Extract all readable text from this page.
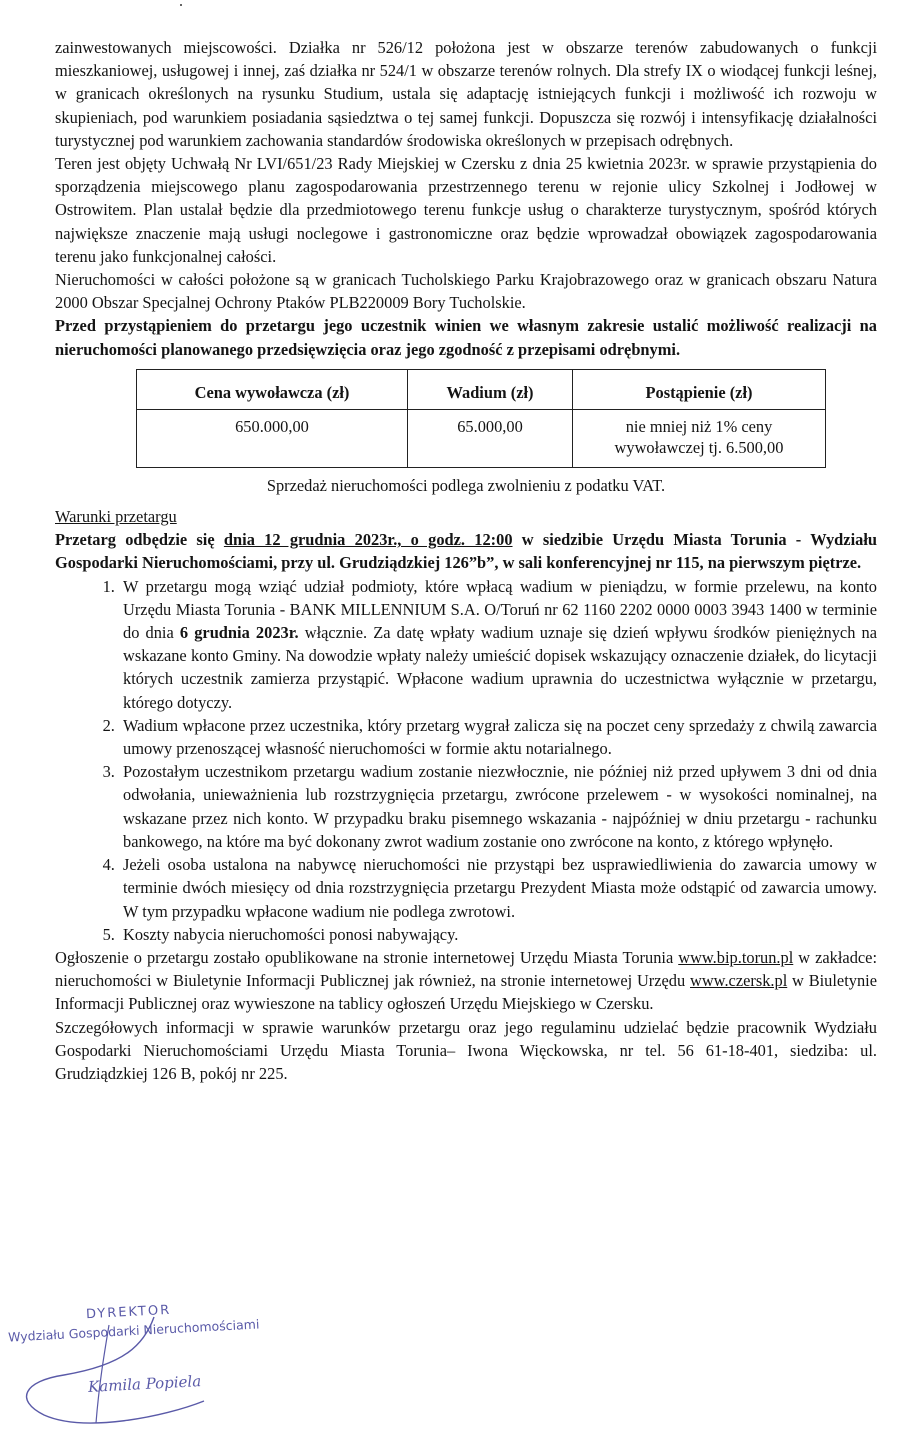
zainwestowanych miejscowości. Działka nr 526/12 położona jest w obszarze terenów zabudowanych o funkcji mieszkaniowej, usługowej i innej, zaś działka nr 524/1 w obszarze terenów rolnych. Dla strefy IX o wiodącej funkcji leśnej, w granicach określonych na rysunku Studium, ustala się adaptację istniejących funkcji i możliwość ich rozwoju w skupieniach, pod warunkiem posiadania sąsiedztwa o tej samej funkcji. Dopuszcza się rozwój i intensyfikację działalności turystycznej pod warunkiem zachowania standardów środowiska określonych w przepisach odrębnych.

Teren jest objęty Uchwałą Nr LVI/651/23 Rady Miejskiej w Czersku z dnia 25 kwietnia 2023r. w sprawie przystąpienia do sporządzenia miejscowego planu zagospodarowania przestrzennego terenu w rejonie ulicy Szkolnej i Jodłowej w Ostrowitem. Plan ustalał będzie dla przedmiotowego terenu funkcje usług o charakterze turystycznym, spośród których największe znaczenie mają usługi noclegowe i gastronomiczne oraz będzie wprowadzał obowiązek zagospodarowania terenu jako funkcjonalnej całości.

Nieruchomości w całości położone są w granicach Tucholskiego Parku Krajobrazowego oraz w granicach obszaru Natura 2000 Obszar Specjalnej Ochrony Ptaków PLB220009 Bory Tucholskie.

Przed przystąpieniem do przetargu jego uczestnik winien we własnym zakresie ustalić możliwość realizacji na nieruchomości planowanego przedsięwzięcia oraz jego zgodność z przepisami odrębnymi.

Cena wywoławcza (zł)	Wadium (zł)	Postąpienie (zł)
650.000,00	65.000,00	nie mniej niż 1% ceny wywoławczej tj. 6.500,00

Sprzedaż nieruchomości podlega zwolnieniu z podatku VAT.

Warunki przetargu

Przetarg odbędzie się dnia 12 grudnia 2023r., o godz. 12:00 w siedzibie Urzędu Miasta Torunia - Wydziału Gospodarki Nieruchomościami, przy ul. Grudziądzkiej 126”b”, w sali konferencyjnej nr 115, na pierwszym piętrze.

1. W przetargu mogą wziąć udział podmioty, które wpłacą wadium w pieniądzu, w formie przelewu, na konto Urzędu Miasta Torunia - BANK MILLENNIUM S.A. O/Toruń nr 62 1160 2202 0000 0003 3943 1400 w terminie do dnia 6 grudnia 2023r. włącznie. Za datę wpłaty wadium uznaje się dzień wpływu środków pieniężnych na wskazane konto Gminy. Na dowodzie wpłaty należy umieścić dopisek wskazujący oznaczenie działek, do licytacji których uczestnik zamierza przystąpić. Wpłacone wadium uprawnia do uczestnictwa wyłącznie w przetargu, którego dotyczy.
2. Wadium wpłacone przez uczestnika, który przetarg wygrał zalicza się na poczet ceny sprzedaży z chwilą zawarcia umowy przenoszącej własność nieruchomości w formie aktu notarialnego.
3. Pozostałym uczestnikom przetargu wadium zostanie niezwłocznie, nie później niż przed upływem 3 dni od dnia odwołania, unieważnienia lub rozstrzygnięcia przetargu, zwrócone przelewem - w wysokości nominalnej, na wskazane przez nich konto. W przypadku braku pisemnego wskazania - najpóźniej w dniu przetargu - rachunku bankowego, na które ma być dokonany zwrot wadium zostanie ono zwrócone na konto, z którego wpłynęło.
4. Jeżeli osoba ustalona na nabywcę nieruchomości nie przystąpi bez usprawiedliwienia do zawarcia umowy w terminie dwóch miesięcy od dnia rozstrzygnięcia przetargu Prezydent Miasta może odstąpić od zawarcia umowy. W tym przypadku wpłacone wadium nie podlega zwrotowi.
5. Koszty nabycia nieruchomości ponosi nabywający.

Ogłoszenie o przetargu zostało opublikowane na stronie internetowej Urzędu Miasta Torunia www.bip.torun.pl w zakładce: nieruchomości w Biuletynie Informacji Publicznej jak również, na stronie internetowej Urzędu www.czersk.pl w Biuletynie Informacji Publicznej oraz wywieszone na tablicy ogłoszeń Urzędu Miejskiego w Czersku.

Szczegółowych informacji w sprawie warunków przetargu oraz jego regulaminu udzielać będzie pracownik Wydziału Gospodarki Nieruchomościami Urzędu Miasta Torunia– Iwona Więckowska, nr tel. 56 61-18-401, siedziba: ul. Grudziądzkiej 126 B, pokój nr 225.

DYREKTOR
Wydziału Gospodarki Nieruchomościami
Kamila Popiela
